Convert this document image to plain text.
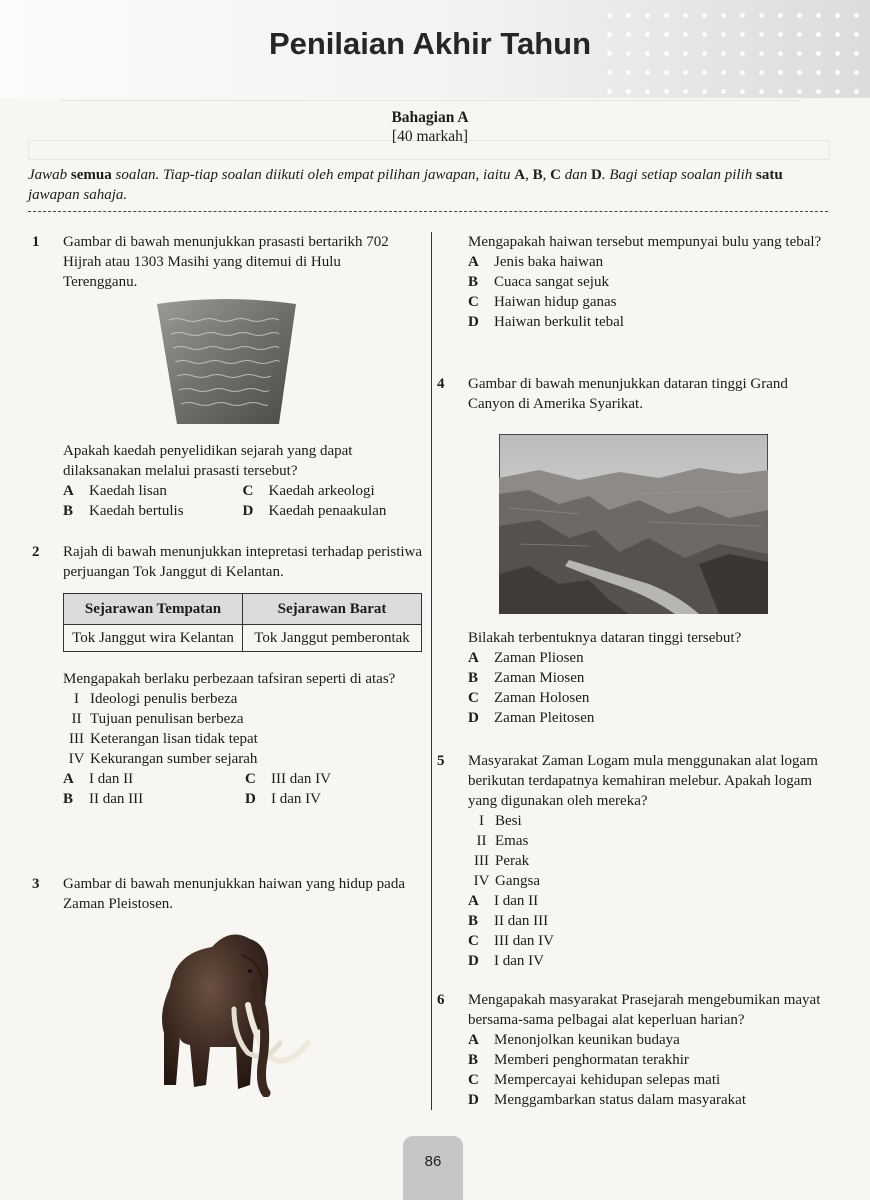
Penilaian Akhir Tahun
Bahagian A
[40 markah]
Jawab semua soalan. Tiap-tiap soalan diikuti oleh empat pilihan jawapan, iaitu A, B, C dan D. Bagi setiap soalan pilih satu jawapan sahaja.
1 Gambar di bawah menunjukkan prasasti bertarikh 702 Hijrah atau 1303 Masihi yang ditemui di Hulu Terengganu.
Apakah kaedah penyelidikan sejarah yang dapat dilaksanakan melalui prasasti tersebut?
A	Kaedah lisan	C	Kaedah arkeologi
B	Kaedah bertulis	D	Kaedah penaakulan
2 Rajah di bawah menunjukkan intepretasi terhadap peristiwa perjuangan Tok Janggut di Kelantan.
Sejarawan Tempatan	Sejarawan Barat
Tok Janggut wira Kelantan	Tok Janggut pemberontak
Mengapakah berlaku perbezaan tafsiran seperti di atas?
I Ideologi penulis berbeza
II Tujuan penulisan berbeza
III Keterangan lisan tidak tepat
IV Kekurangan sumber sejarah
A	I dan II	C	III dan IV
B	II dan III	D	I dan IV
3 Gambar di bawah menunjukkan haiwan yang hidup pada Zaman Pleistosen.
Mengapakah haiwan tersebut mempunyai bulu yang tebal?
A	Jenis baka haiwan
B	Cuaca sangat sejuk
C	Haiwan hidup ganas
D	Haiwan berkulit tebal
4 Gambar di bawah menunjukkan dataran tinggi Grand Canyon di Amerika Syarikat.
Bilakah terbentuknya dataran tinggi tersebut?
A	Zaman Pliosen
B	Zaman Miosen
C	Zaman Holosen
D	Zaman Pleitosen
5 Masyarakat Zaman Logam mula menggunakan alat logam berikutan terdapatnya kemahiran melebur. Apakah logam yang digunakan oleh mereka?
I Besi
II Emas
III Perak
IV Gangsa
A	I dan II
B	II dan III
C	III dan IV
D	I dan IV
6 Mengapakah masyarakat Prasejarah mengebumikan mayat bersama-sama pelbagai alat keperluan harian?
A	Menonjolkan keunikan budaya
B	Memberi penghormatan terakhir
C	Mempercayai kehidupan selepas mati
D	Menggambarkan status dalam masyarakat
86
